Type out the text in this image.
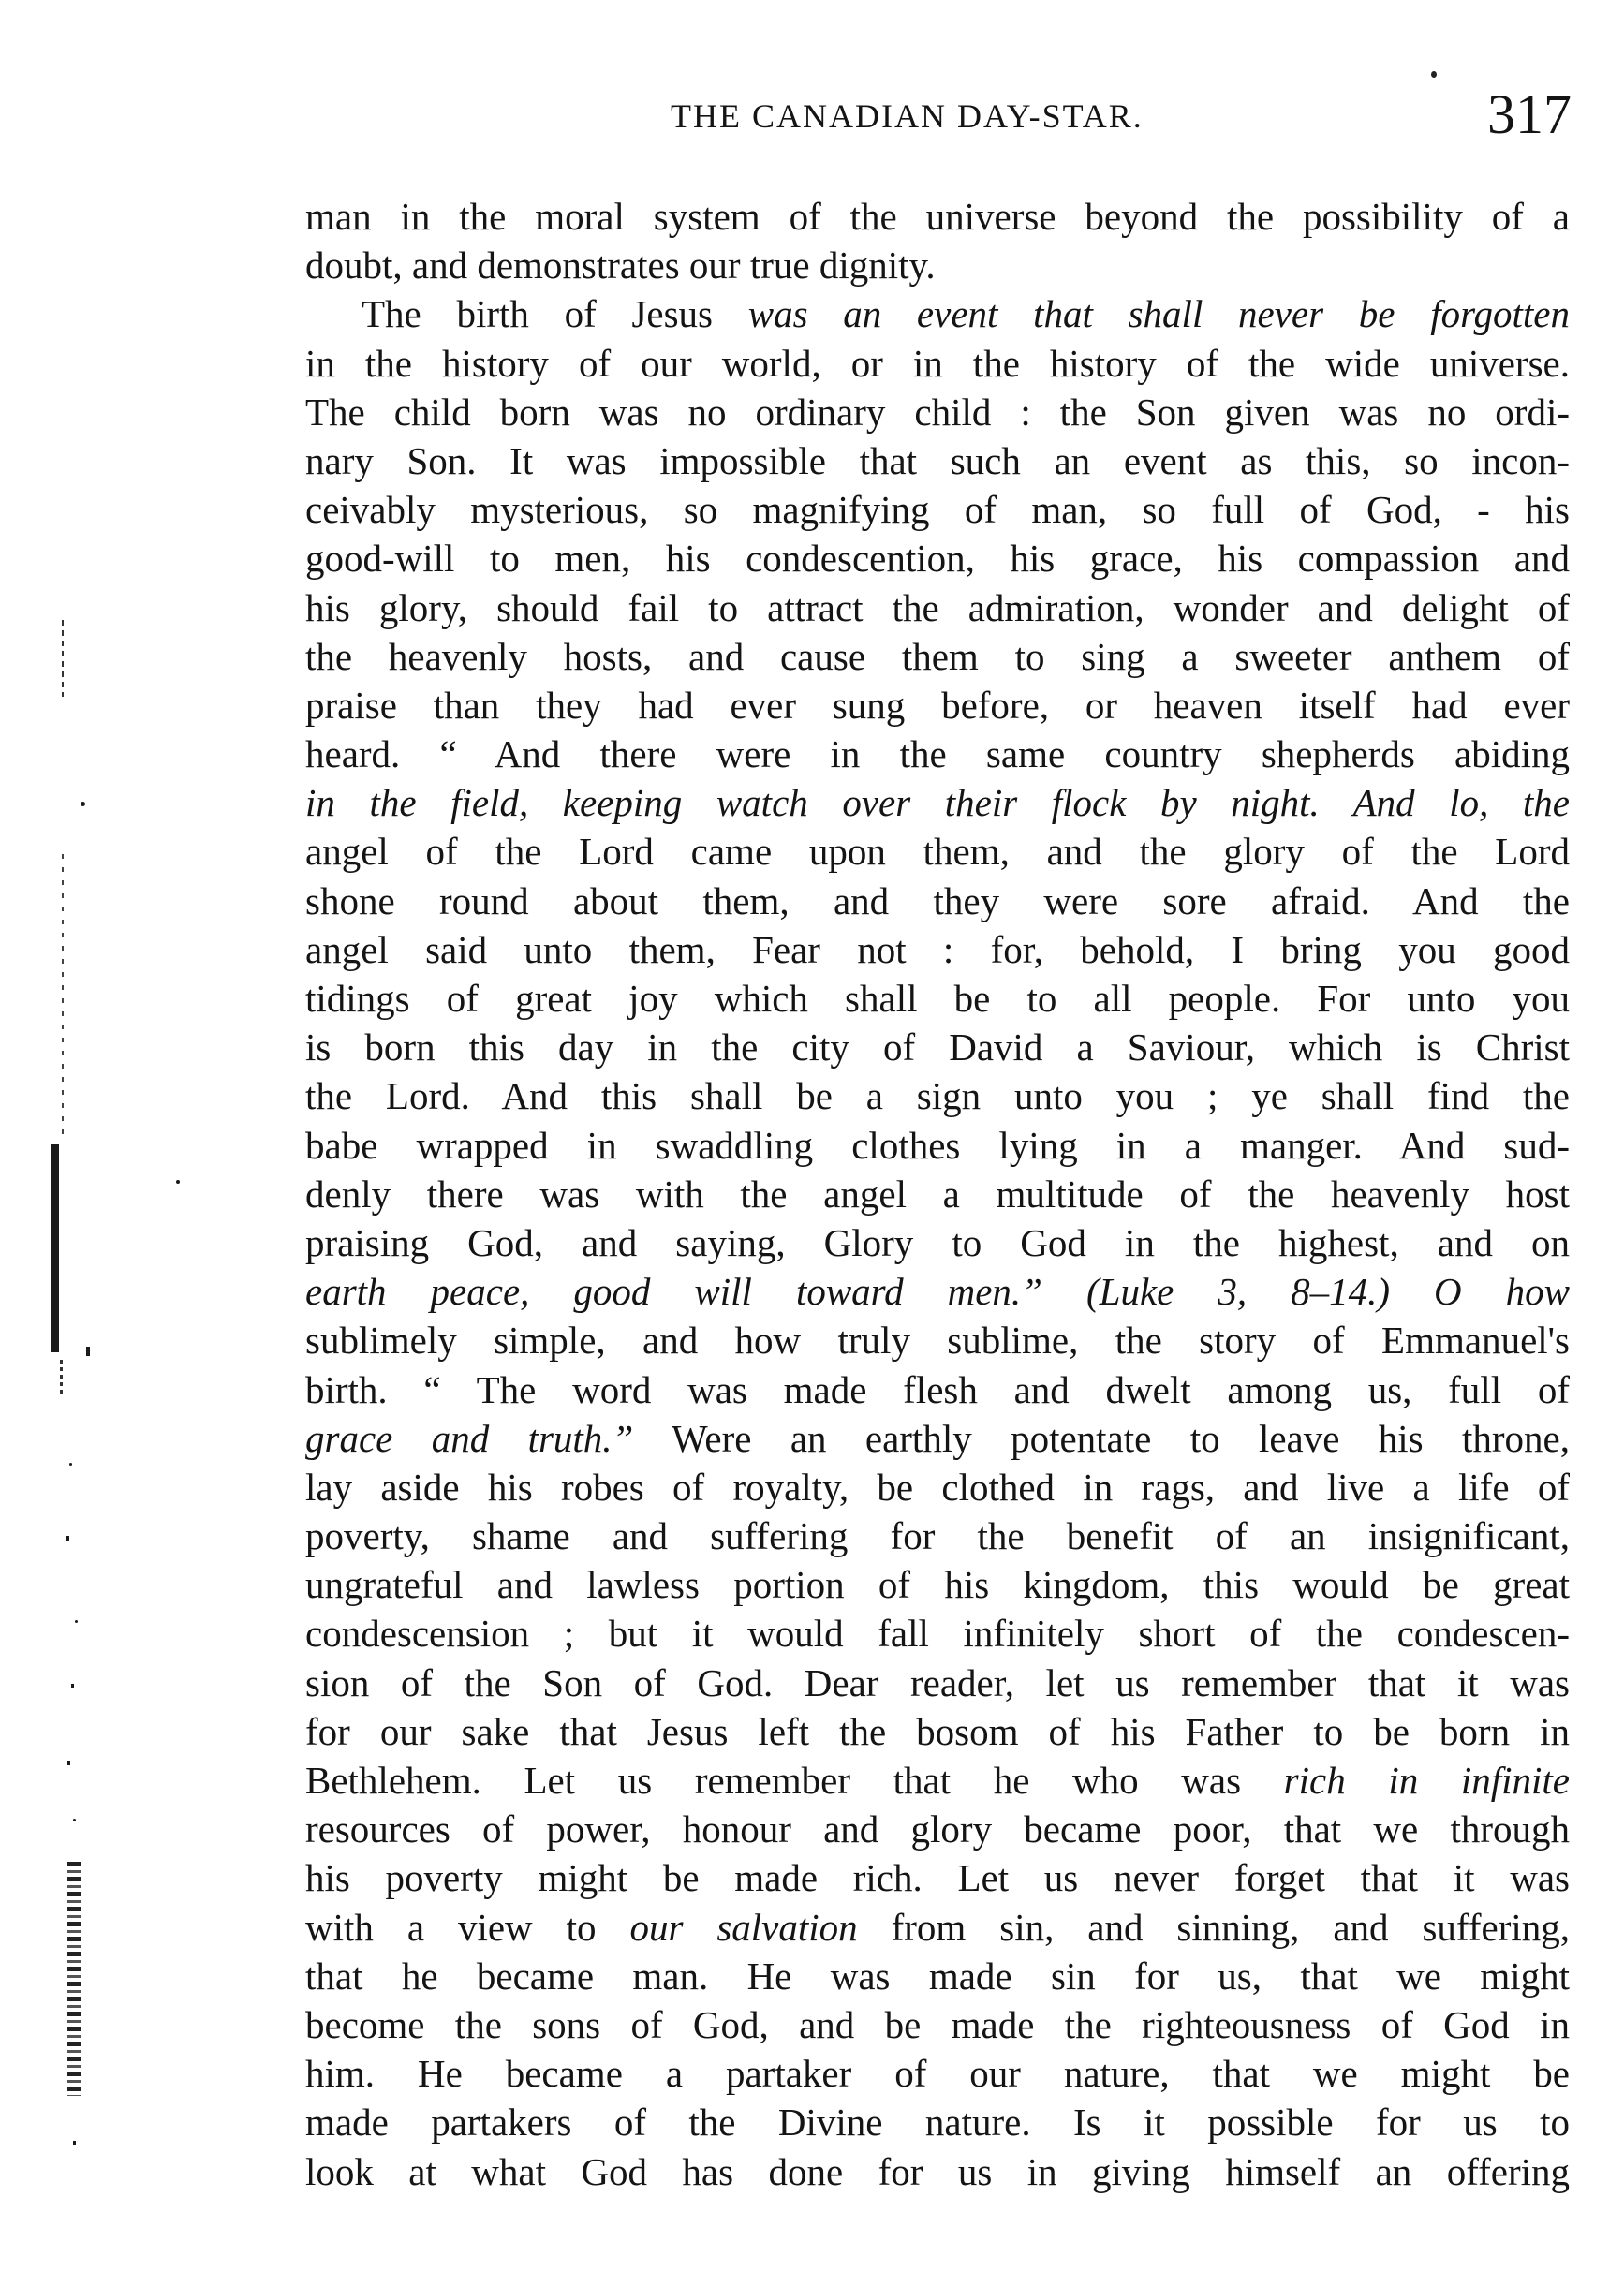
THE CANADIAN DAY-STAR.	317
man in the moral system of the universe beyond the possibility of a
doubt, and demonstrates our true dignity.
The birth of Jesus was an event that shall never be forgotten
in the history of our world, or in the history of the wide universe.
The child born was no ordinary child : the Son given was no ordi-
nary Son. It was impossible that such an event as this, so incon-
ceivably mysterious, so magnifying of man, so full of God, - his
good-will to men, his condescention, his grace, his compassion and
his glory, should fail to attract the admiration, wonder and delight of
the heavenly hosts, and cause them to sing a sweeter anthem of
praise than they had ever sung before, or heaven itself had ever
heard. “ And there were in the same country shepherds abiding
in the field, keeping watch over their flock by night. And lo, the
angel of the Lord came upon them, and the glory of the Lord
shone round about them, and they were sore afraid. And the
angel said unto them, Fear not : for, behold, I bring you good
tidings of great joy which shall be to all people. For unto you
is born this day in the city of David a Saviour, which is Christ
the Lord. And this shall be a sign unto you ; ye shall find the
babe wrapped in swaddling clothes lying in a manger. And sud-
denly there was with the angel a multitude of the heavenly host
praising God, and saying, Glory to God in the highest, and on
earth peace, good will toward men.” (Luke 3, 8–14.) O how
sublimely simple, and how truly sublime, the story of Emmanuel's
birth. “ The word was made flesh and dwelt among us, full of
grace and truth.” Were an earthly potentate to leave his throne,
lay aside his robes of royalty, be clothed in rags, and live a life of
poverty, shame and suffering for the benefit of an insignificant,
ungrateful and lawless portion of his kingdom, this would be great
condescension ; but it would fall infinitely short of the condescen-
sion of the Son of God. Dear reader, let us remember that it was
for our sake that Jesus left the bosom of his Father to be born in
Bethlehem. Let us remember that he who was rich in infinite
resources of power, honour and glory became poor, that we through
his poverty might be made rich. Let us never forget that it was
with a view to our salvation from sin, and sinning, and suffering,
that he became man. He was made sin for us, that we might
become the sons of God, and be made the righteousness of God in
him. He became a partaker of our nature, that we might be
made partakers of the Divine nature. Is it possible for us to
look at what God has done for us in giving himself an offering
